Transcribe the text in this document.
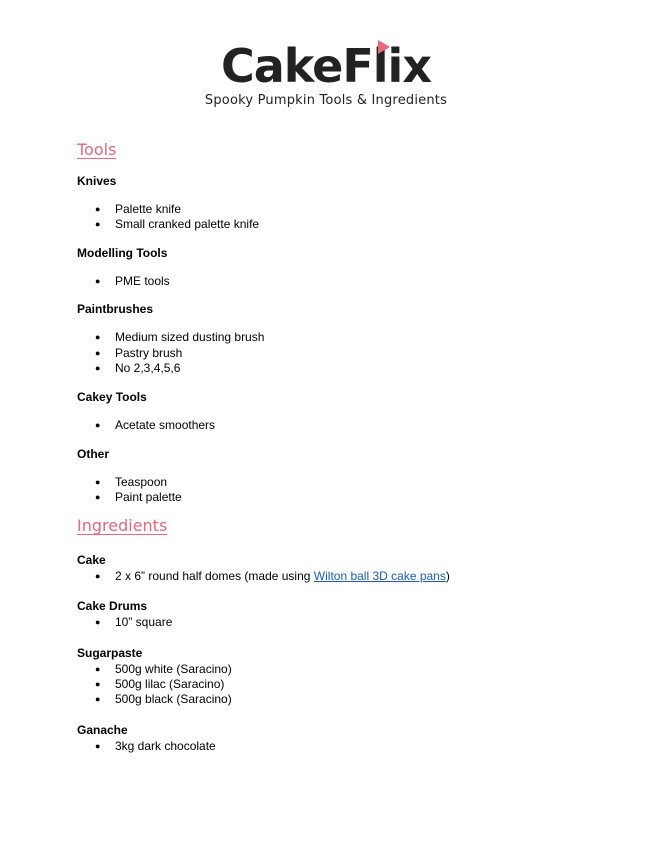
CakeFlix
Spooky Pumpkin Tools & Ingredients
Tools
Knives
● Palette knife
● Small cranked palette knife
Modelling Tools
● PME tools
Paintbrushes
● Medium sized dusting brush
● Pastry brush
● No 2,3,4,5,6
Cakey Tools
● Acetate smoothers
Other
● Teaspoon
● Paint palette
Ingredients
Cake
● 2 x 6” round half domes (made using Wilton ball 3D cake pans)
Cake Drums
● 10” square
Sugarpaste
● 500g white (Saracino)
● 500g lilac (Saracino)
● 500g black (Saracino)
Ganache
● 3kg dark chocolate
